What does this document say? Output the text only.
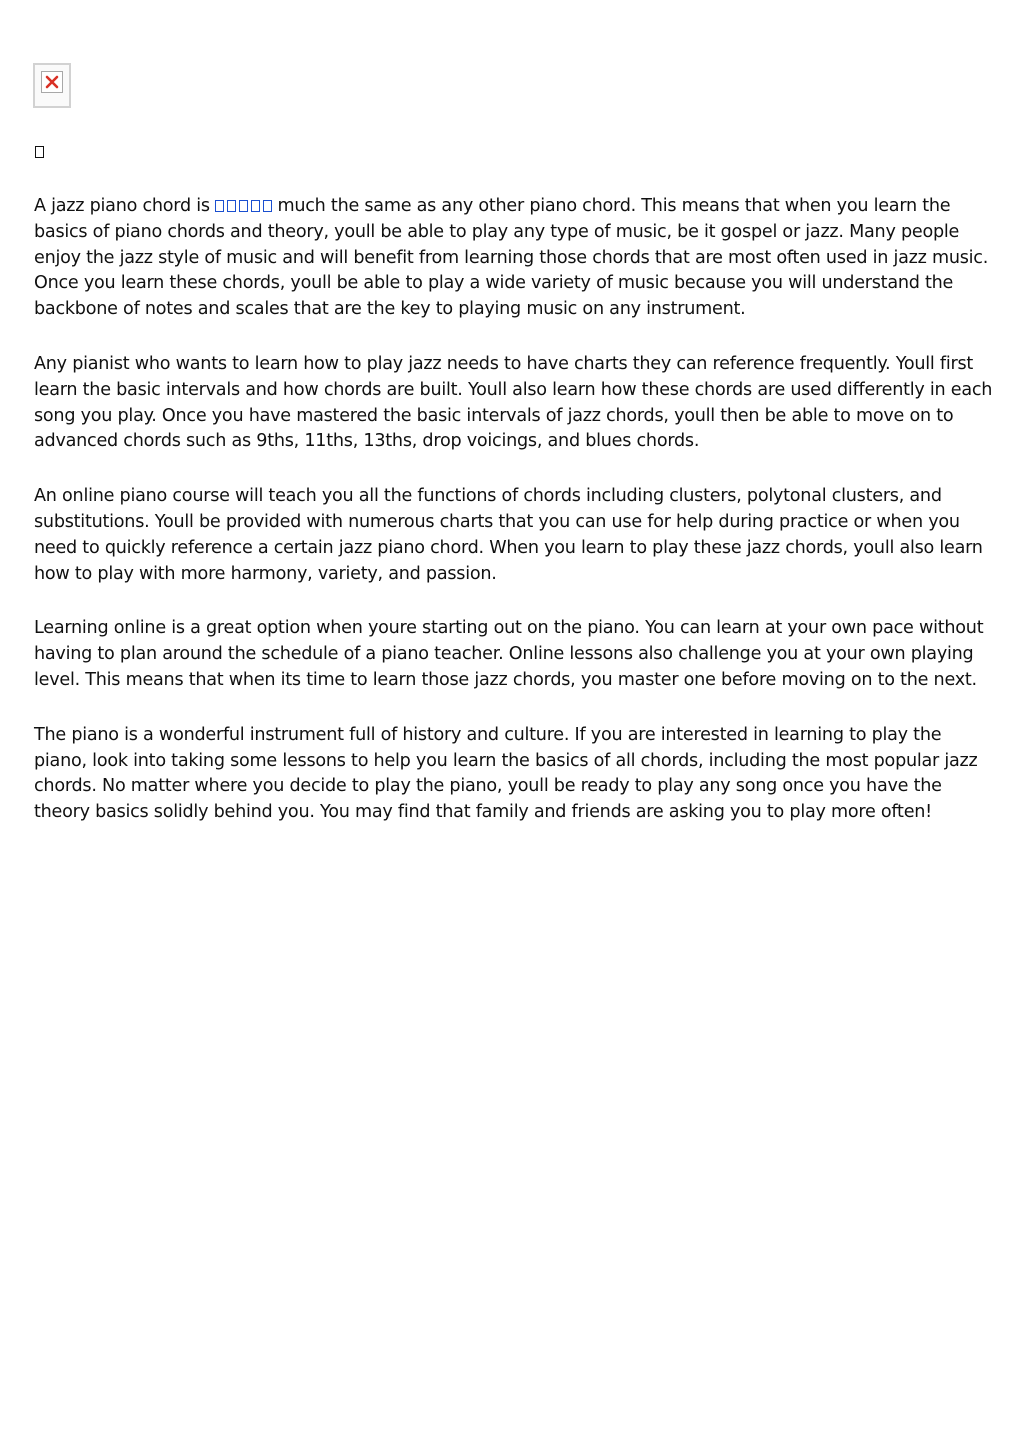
A jazz piano chord is	much the same as any other piano chord. This means that when you learn the basics of piano chords and theory, youll be able to play any type of music, be it gospel or jazz. Many people enjoy the jazz style of music and will benefit from learning those chords that are most often used in jazz music. Once you learn these chords, youll be able to play a wide variety of music because you will understand the backbone of notes and scales that are the key to playing music on any instrument.

Any pianist who wants to learn how to play jazz needs to have charts they can reference frequently. Youll first learn the basic intervals and how chords are built. Youll also learn how these chords are used differently in each song you play. Once you have mastered the basic intervals of jazz chords, youll then be able to move on to advanced chords such as 9ths, 11ths, 13ths, drop voicings, and blues chords.

An online piano course will teach you all the functions of chords including clusters, polytonal clusters, and substitutions. Youll be provided with numerous charts that you can use for help during practice or when you need to quickly reference a certain jazz piano chord. When you learn to play these jazz chords, youll also learn how to play with more harmony, variety, and passion.

Learning online is a great option when youre starting out on the piano. You can learn at your own pace without having to plan around the schedule of a piano teacher. Online lessons also challenge you at your own playing level. This means that when its time to learn those jazz chords, you master one before moving on to the next.

The piano is a wonderful instrument full of history and culture. If you are interested in learning to play the piano, look into taking some lessons to help you learn the basics of all chords, including the most popular jazz chords. No matter where you decide to play the piano, youll be ready to play any song once you have the theory basics solidly behind you. You may find that family and friends are asking you to play more often!
